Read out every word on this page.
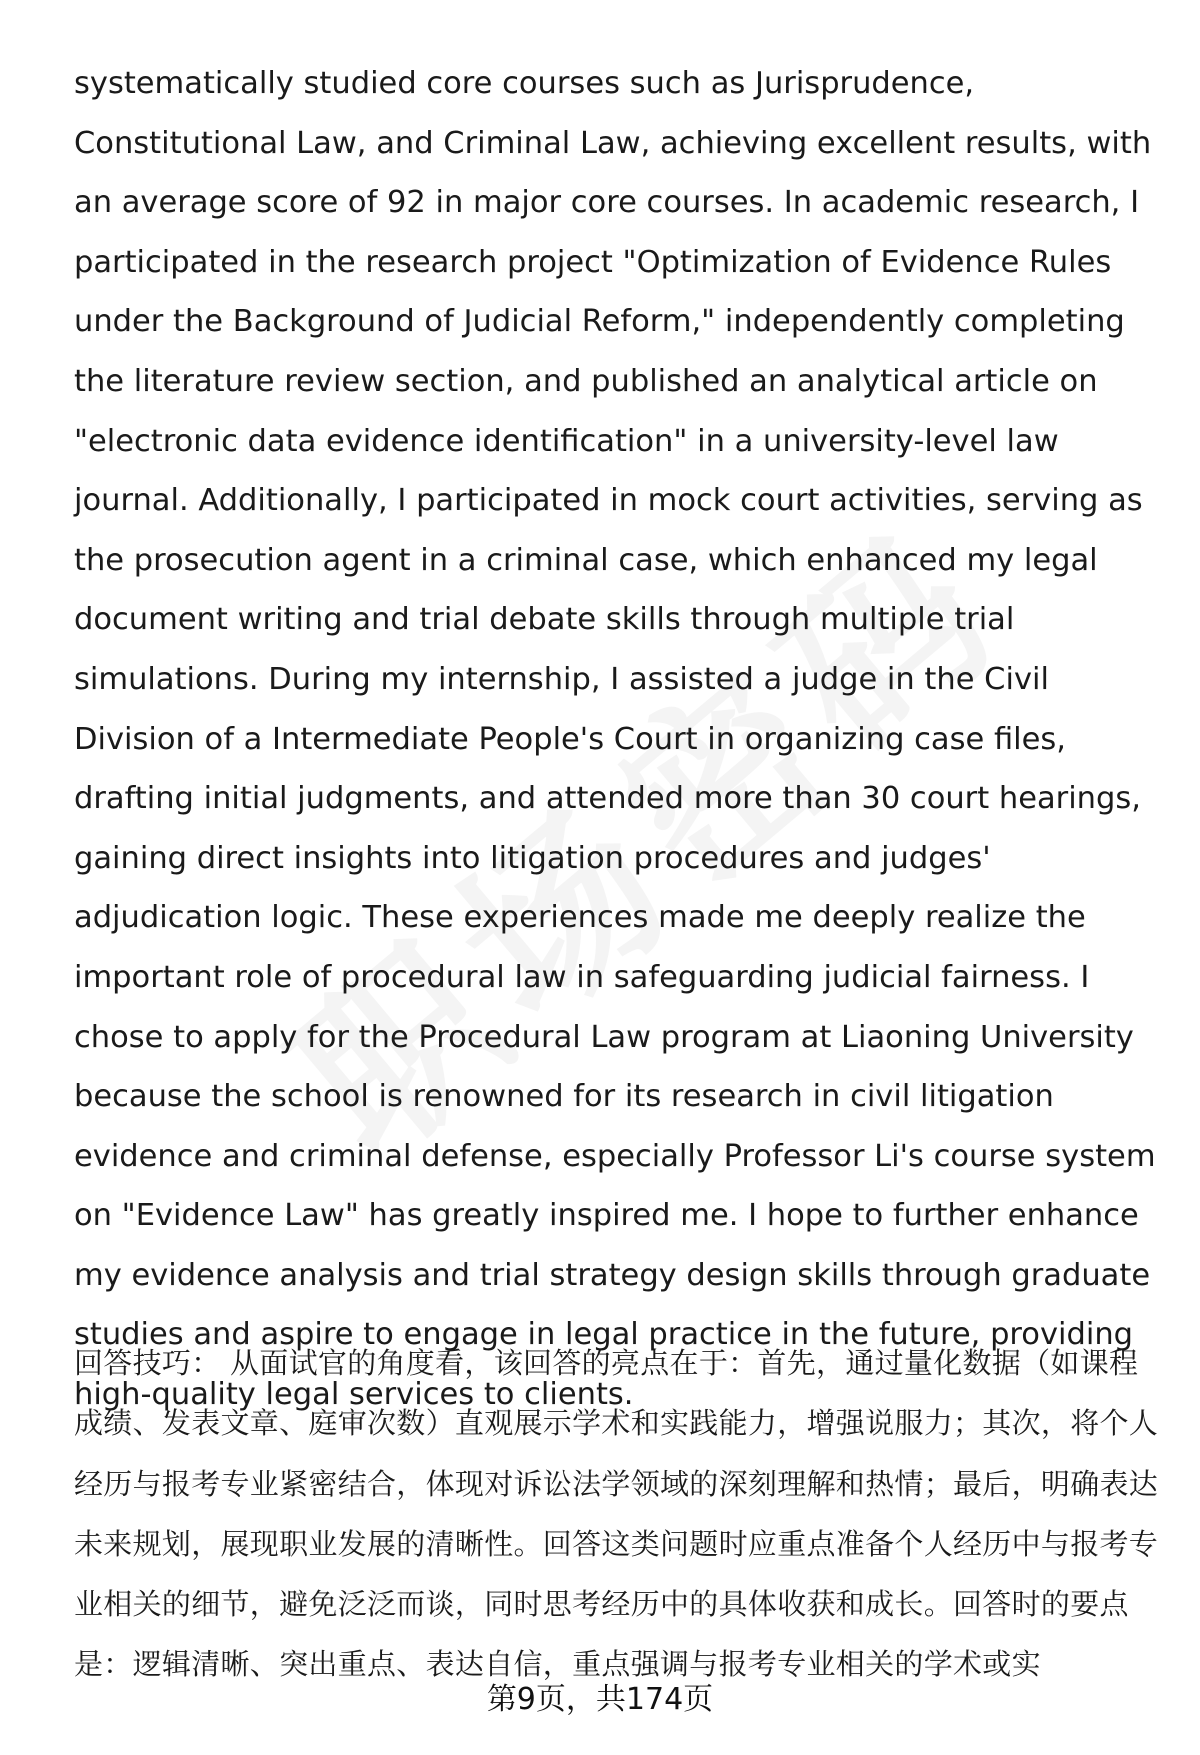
systematically studied core courses such as Jurisprudence, Constitutional Law, and Criminal Law, achieving excellent results, with an average score of 92 in major core courses. In academic research, I participated in the research project "Optimization of Evidence Rules under the Background of Judicial Reform," independently completing the literature review section, and published an analytical article on "electronic data evidence identification" in a university-level law journal. Additionally, I participated in mock court activities, serving as the prosecution agent in a criminal case, which enhanced my legal document writing and trial debate skills through multiple trial simulations. During my internship, I assisted a judge in the Civil Division of a Intermediate People's Court in organizing case files, drafting initial judgments, and attended more than 30 court hearings, gaining direct insights into litigation procedures and judges' adjudication logic. These experiences made me deeply realize the important role of procedural law in safeguarding judicial fairness. I chose to apply for the Procedural Law program at Liaoning University because the school is renowned for its research in civil litigation evidence and criminal defense, especially Professor Li's course system on "Evidence Law" has greatly inspired me. I hope to further enhance my evidence analysis and trial strategy design skills through graduate studies and aspire to engage in legal practice in the future, providing high-quality legal services to clients.

回答技巧： 从面试官的角度看，该回答的亮点在于：首先，通过量化数据（如课程成绩、发表文章、庭审次数）直观展示学术和实践能力，增强说服力；其次，将个人经历与报考专业紧密结合，体现对诉讼法学领域的深刻理解和热情；最后，明确表达未来规划，展现职业发展的清晰性。回答这类问题时应重点准备个人经历中与报考专业相关的细节，避免泛泛而谈，同时思考经历中的具体收获和成长。回答时的要点是：逻辑清晰、突出重点、表达自信，重点强调与报考专业相关的学术或实

第9页，共174页
